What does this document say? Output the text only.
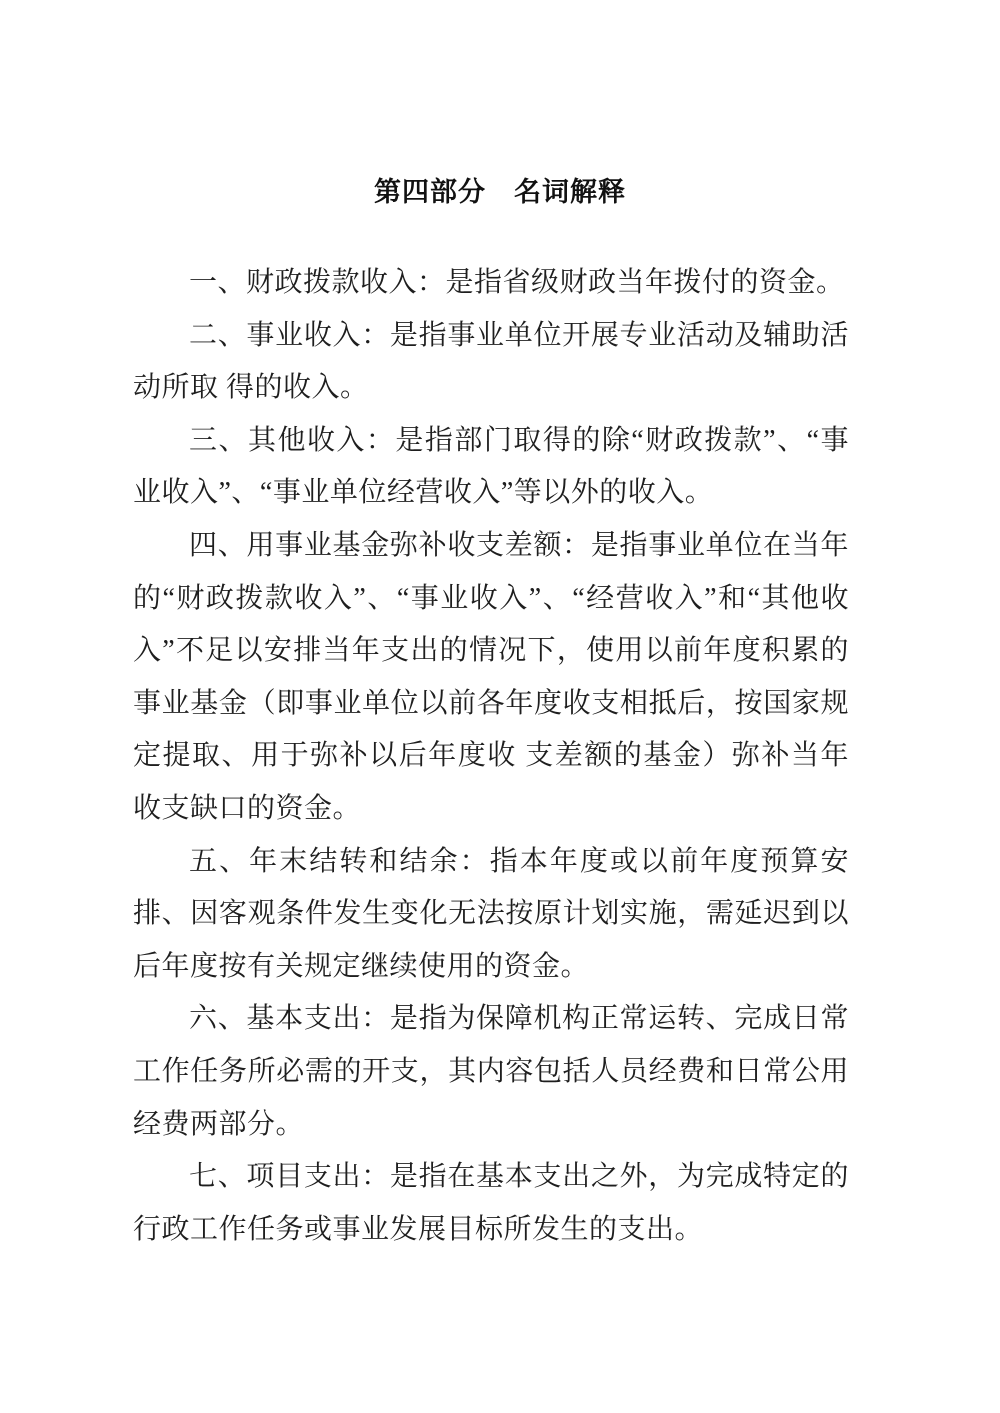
第四部分　名词解释

一、财政拨款收入：是指省级财政当年拨付的资金。

二、事业收入：是指事业单位开展专业活动及辅助活动所取 得的收入。

三、其他收入：是指部门取得的除“财政拨款”、“事业收入”、“事业单位经营收入”等以外的收入。

四、用事业基金弥补收支差额：是指事业单位在当年的“财政拨款收入”、“事业收入”、“经营收入”和“其他收入”不足以安排当年支出的情况下，使用以前年度积累的事业基金（即事业单位以前各年度收支相抵后，按国家规定提取、用于弥补以后年度收 支差额的基金）弥补当年收支缺口的资金。

五、年末结转和结余：指本年度或以前年度预算安排、因客观条件发生变化无法按原计划实施，需延迟到以后年度按有关规定继续使用的资金。

六、基本支出：是指为保障机构正常运转、完成日常工作任务所必需的开支，其内容包括人员经费和日常公用经费两部分。

七、项目支出：是指在基本支出之外，为完成特定的行政工作任务或事业发展目标所发生的支出。
